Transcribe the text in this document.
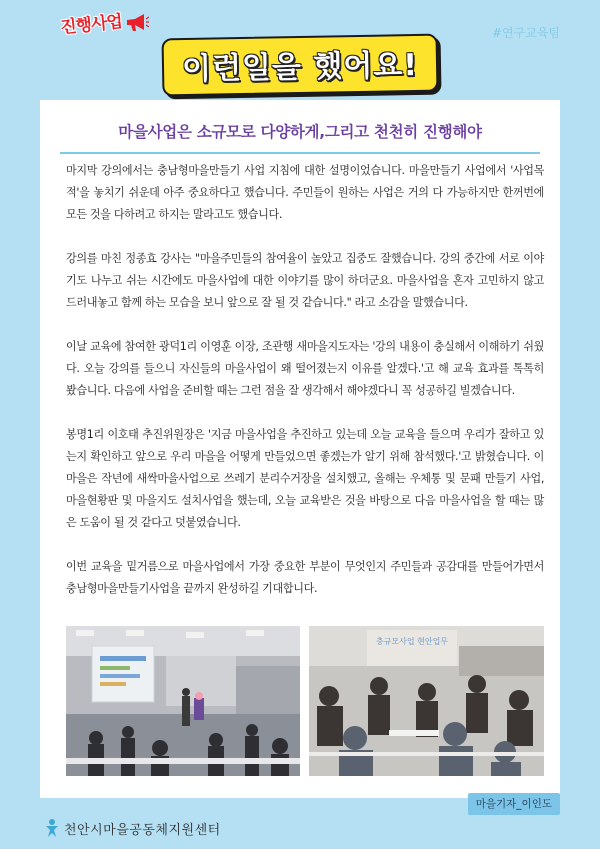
진행사업	#연구교육팀
이런일을 했어요!
마을사업은 소규모로 다양하게,그리고 천천히 진행해야

마지막 강의에서는 충남형마을만들기 사업 지침에 대한 설명이었습니다. 마을만들기 사업에서 '사업목적'을 놓치기 쉬운데 아주 중요하다고 했습니다. 주민들이 원하는 사업은 거의 다 가능하지만 한꺼번에 모든 것을 다하려고 하지는 말라고도 했습니다.

강의를 마친 정종효 강사는 "마을주민들의 참여율이 높았고 집중도 잘했습니다. 강의 중간에 서로 이야기도 나누고 쉬는 시간에도 마을사업에 대한 이야기를 많이 하더군요. 마을사업을 혼자 고민하지 않고 드러내놓고 함께 하는 모습을 보니 앞으로 잘 될 것 같습니다." 라고 소감을 말했습니다.

이날 교육에 참여한 광덕1리 이영훈 이장, 조관행 새마을지도자는 '강의 내용이 충실해서 이해하기 쉬웠다. 오늘 강의를 들으니 자신들의 마을사업이 왜 떨어졌는지 이유를 알겠다.'고 해 교육 효과를 톡톡히 봤습니다. 다음에 사업을 준비할 때는 그런 점을 잘 생각해서 해야겠다니 꼭 성공하길 빌겠습니다.

봉명1리 이호태 추진위원장은 '지금 마을사업을 추진하고 있는데 오늘 교육을 들으며 우리가 잘하고 있는지 확인하고 앞으로 우리 마을을 어떻게 만들었으면 좋겠는가 알기 위해 참석했다.'고 밝혔습니다. 이 마을은 작년에 새싹마을사업으로 쓰레기 분리수거장을 설치했고, 올해는 우체통 및 문패 만들기 사업, 마을현황판 및 마을지도 설치사업을 했는데, 오늘 교육받은 것을 바탕으로 다음 마을사업을 할 때는 많은 도움이 될 것 같다고 덧붙였습니다.

이번 교육을 밑거름으로 마을사업에서 가장 중요한 부분이 무엇인지 주민들과 공감대를 만들어가면서 충남형마을만들기사업을 끝까지 완성하길 기대합니다.

충규모사업 현안업무
마을기자_이인도
천안시마을공동체지원센터
